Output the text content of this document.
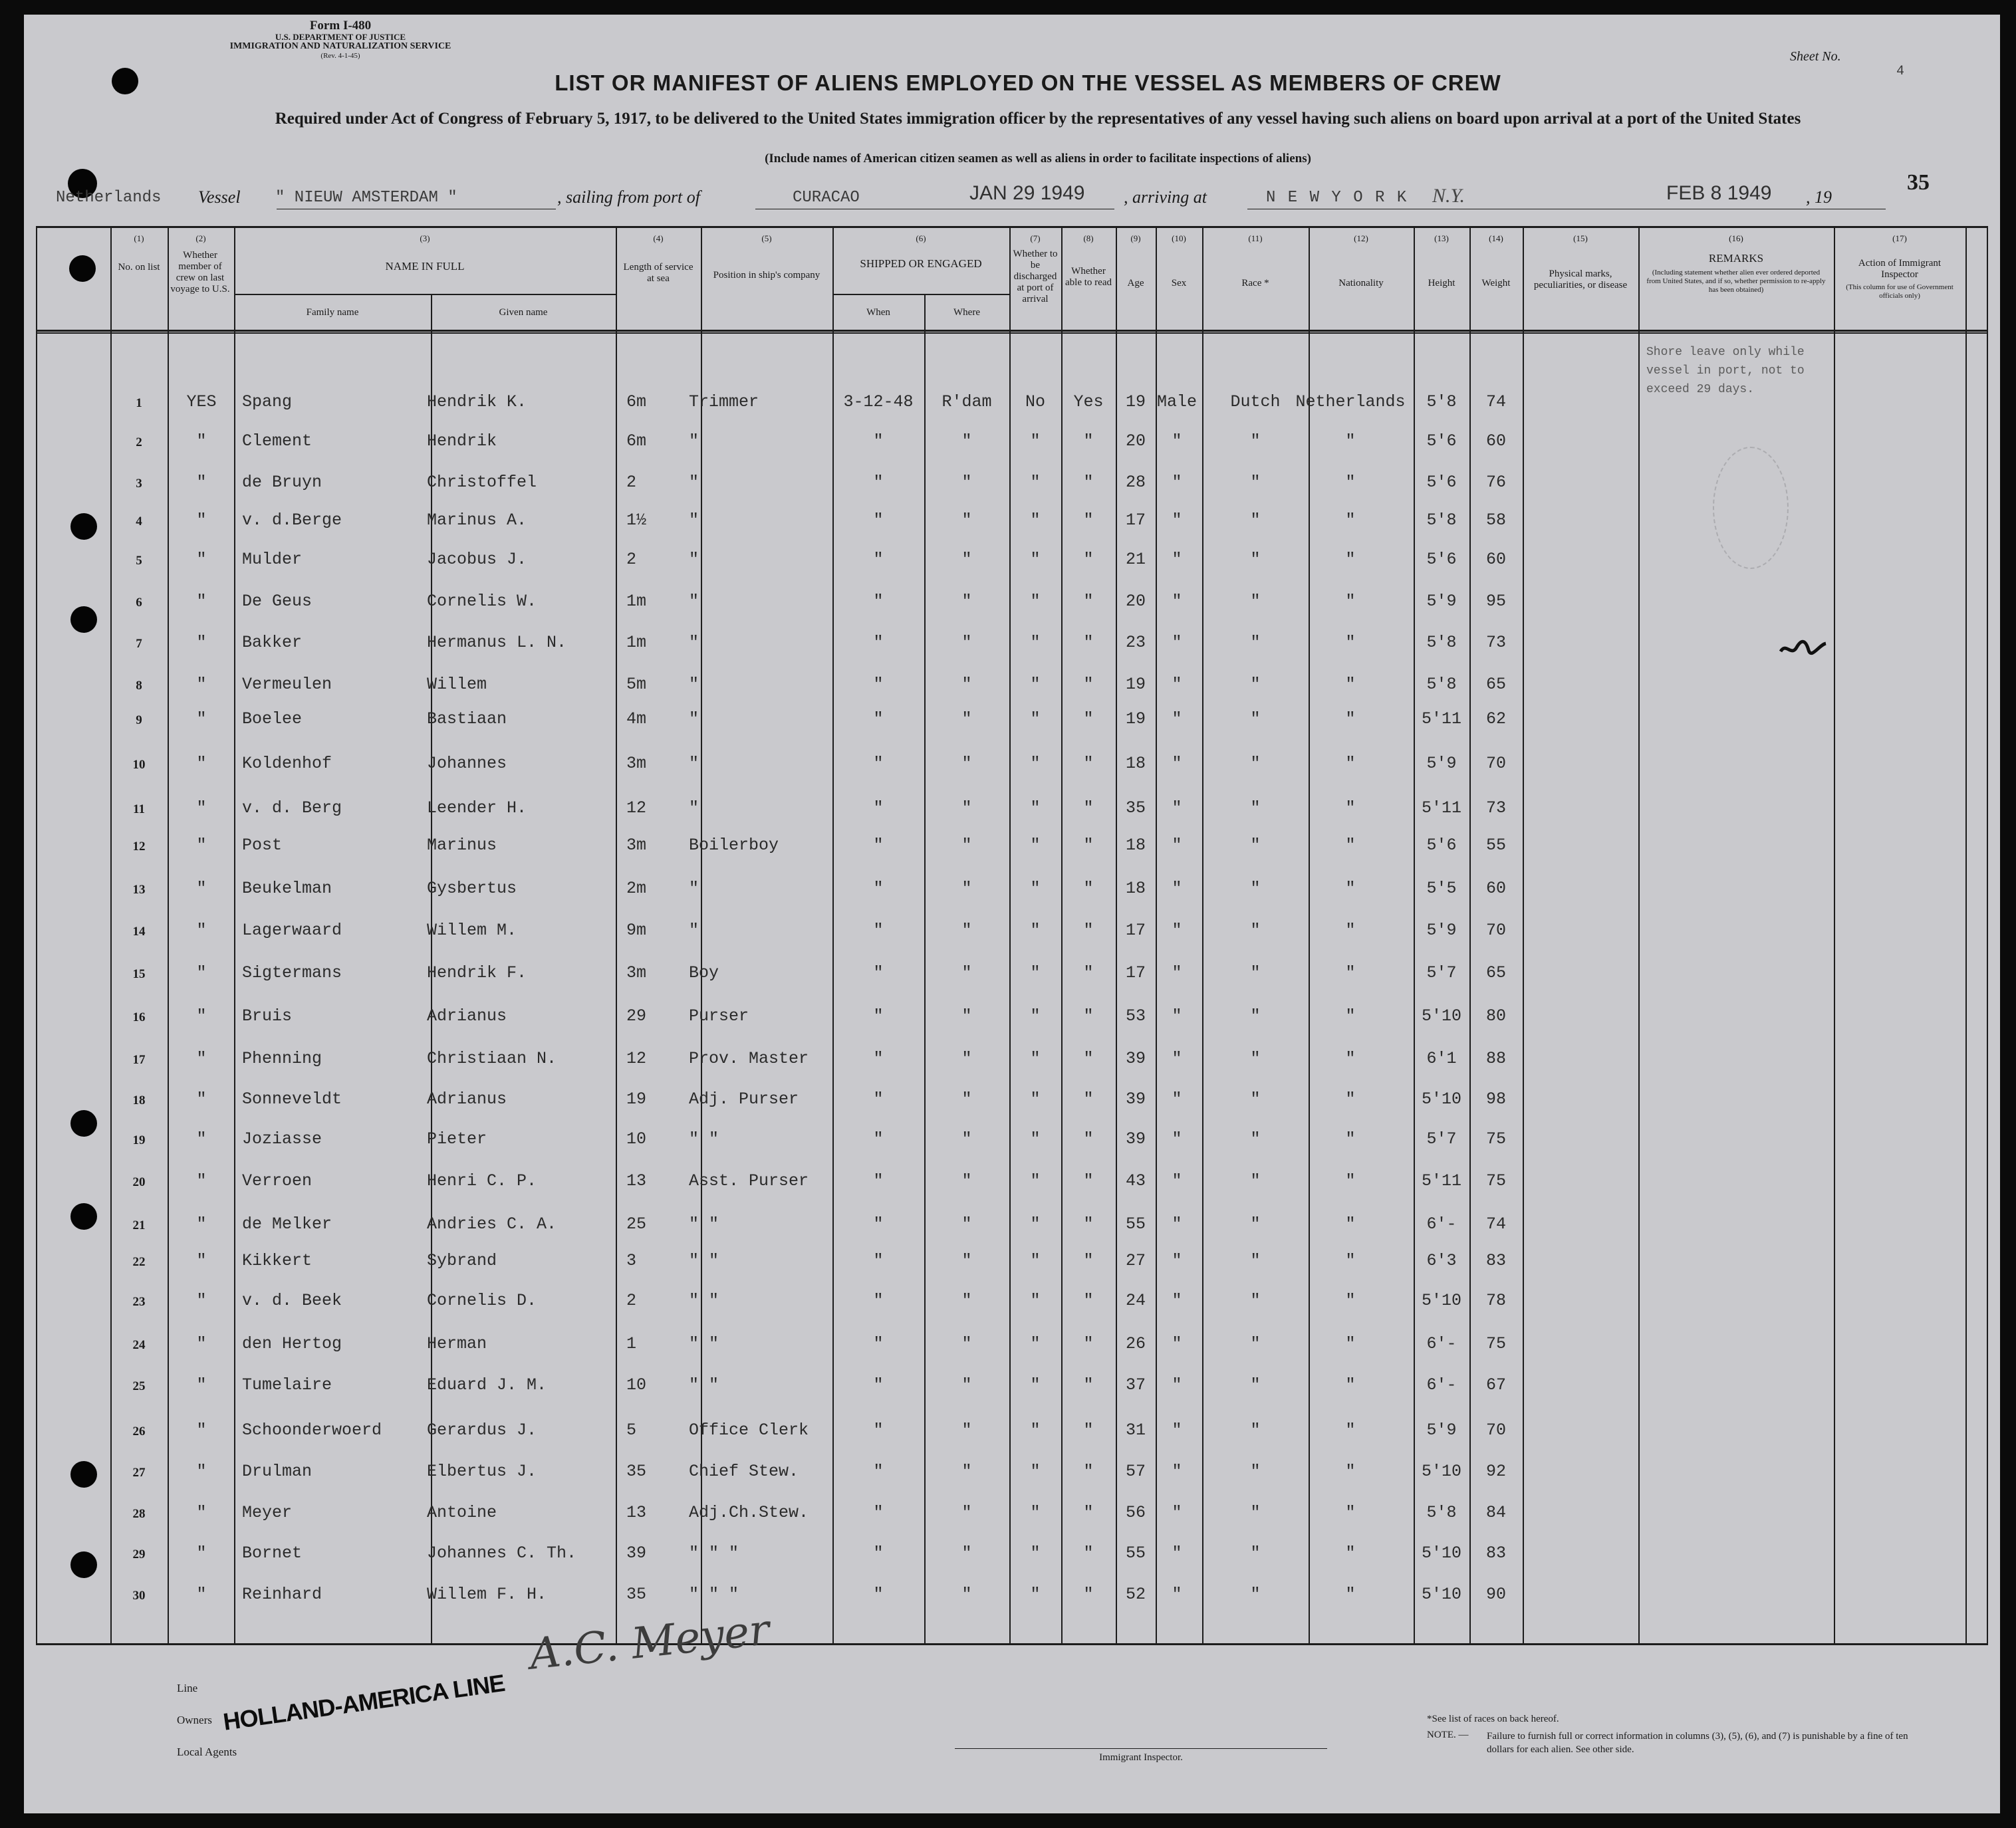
Form I-480
U.S. DEPARTMENT OF JUSTICE
IMMIGRATION AND NATURALIZATION SERVICE
(Rev. 4-1-45)
LIST OR MANIFEST OF ALIENS EMPLOYED ON THE VESSEL AS MEMBERS OF CREW
Required under Act of Congress of February 5, 1917, to be delivered to the United States immigration officer by the representatives of any vessel having such aliens on board upon arrival at a port of the United States
(Include names of American citizen seamen as well as aliens in order to facilitate inspections of aliens)
Sheet No.
4
35
Netherlands Vessel " NIEUW AMSTERDAM "	, sailing from port of	CURACAO	JAN 29 1949 , arriving at	N E W Y O R K N.Y.	FEB 8 1949 , 19
(1)
No. on list
(2)
Whether member of crew on last voyage to U.S.
(3)
NAME IN FULL
Family name	Given name
(4)
Length of service at sea
(5)
Position in ship's company
(6)
SHIPPED OR ENGAGED
When	Where
(7)
Whether to be discharged at port of arrival
(8)
Whether able to read
(9)
Age
(10)
Sex
(11)
Race *
(12)
Nationality
(13)
Height
(14)
Weight
(15)
Physical marks, peculiarities, or disease
(16)
REMARKS
(Including statement whether alien ever ordered deported from United States, and if so, whether permission to re-apply has been obtained)
(17)
Action of Immigrant Inspector
(This column for use of Government officials only)
1	YES	Spang	Hendrik K.	6m	Trimmer	3-12-48	R'dam	No	Yes	19 Male	Dutch Netherlands	5'8	74
2	"	Clement	Hendrik	6m	"	"	"	"	"	20	"	"	"	5'6	60
3	"	de Bruyn	Christoffel	2	"	"	"	"	"	28	"	"	"	5'6	76
4	"	v. d.Berge	Marinus A.	1½	"	"	"	"	"	17	"	"	"	5'8	58
5	"	Mulder	Jacobus J.	2	"	"	"	"	"	21	"	"	"	5'6	60
6	"	De Geus	Cornelis W.	1m	"	"	"	"	"	20	"	"	"	5'9	95
7	"	Bakker	Hermanus L. N.	1m	"	"	"	"	"	23	"	"	"	5'8	73
8	"	Vermeulen	Willem	5m	"	"	"	"	"	19	"	"	"	5'8	65
9	"	Boelee	Bastiaan	4m	"	"	"	"	"	19	"	"	"	5'11	62
10	"	Koldenhof	Johannes	3m	"	"	"	"	"	18	"	"	"	5'9	70
11	"	v. d. Berg	Leender H.	12	"	"	"	"	"	35	"	"	"	5'11	73
12	"	Post	Marinus	3m	Boilerboy	"	"	"	"	18	"	"	"	5'6	55
13	"	Beukelman	Gysbertus	2m	"	"	"	"	"	18	"	"	"	5'5	60
14	"	Lagerwaard	Willem M.	9m	"	"	"	"	"	17	"	"	"	5'9	70
15	"	Sigtermans	Hendrik F.	3m	Boy	"	"	"	"	17	"	"	"	5'7	65
16	"	Bruis	Adrianus	29	Purser	"	"	"	"	53	"	"	"	5'10	80
17	"	Phenning	Christiaan N.	12	Prov. Master	"	"	"	"	39	"	"	"	6'1	88
18	"	Sonneveldt	Adrianus	19	Adj. Purser	"	"	"	"	39	"	"	"	5'10	98
19	"	Joziasse	Pieter	10	" "	"	"	"	"	39	"	"	"	5'7	75
20	"	Verroen	Henri C. P.	13	Asst. Purser	"	"	"	"	43	"	"	"	5'11	75
21	"	de Melker	Andries C. A.	25	" "	"	"	"	"	55	"	"	"	6'-	74
22	"	Kikkert	Sybrand	3	" "	"	"	"	"	27	"	"	"	6'3	83
23	"	v. d. Beek	Cornelis D.	2	" "	"	"	"	"	24	"	"	"	5'10	78
24	"	den Hertog	Herman	1	" "	"	"	"	"	26	"	"	"	6'-	75
25	"	Tumelaire	Eduard J. M.	10	" "	"	"	"	"	37	"	"	"	6'-	67
26	"	Schoonderwoerd	Gerardus J.	5	Office Clerk	"	"	"	"	31	"	"	"	5'9	70
27	"	Drulman	Elbertus J.	35	Chief Stew.	"	"	"	"	57	"	"	"	5'10	92
28	"	Meyer	Antoine	13	Adj.Ch.Stew.	"	"	"	"	56	"	"	"	5'8	84
29	"	Bornet	Johannes C. Th.	39	" " "	"	"	"	"	55	"	"	"	5'10	83
30	"	Reinhard	Willem F. H.	35	" " "	"	"	"	"	52	"	"	"	5'10	90
Shore leave only while vessel in port, not to exceed 29 days.
Line
Owners
Local Agents
HOLLAND-AMERICA LINE
A.C. Meyer
Immigrant Inspector.
*See list of races on back hereof.
NOTE. — Failure to furnish full or correct information in columns (3), (5), (6), and (7) is punishable by a fine of ten dollars for each alien. See other side.
